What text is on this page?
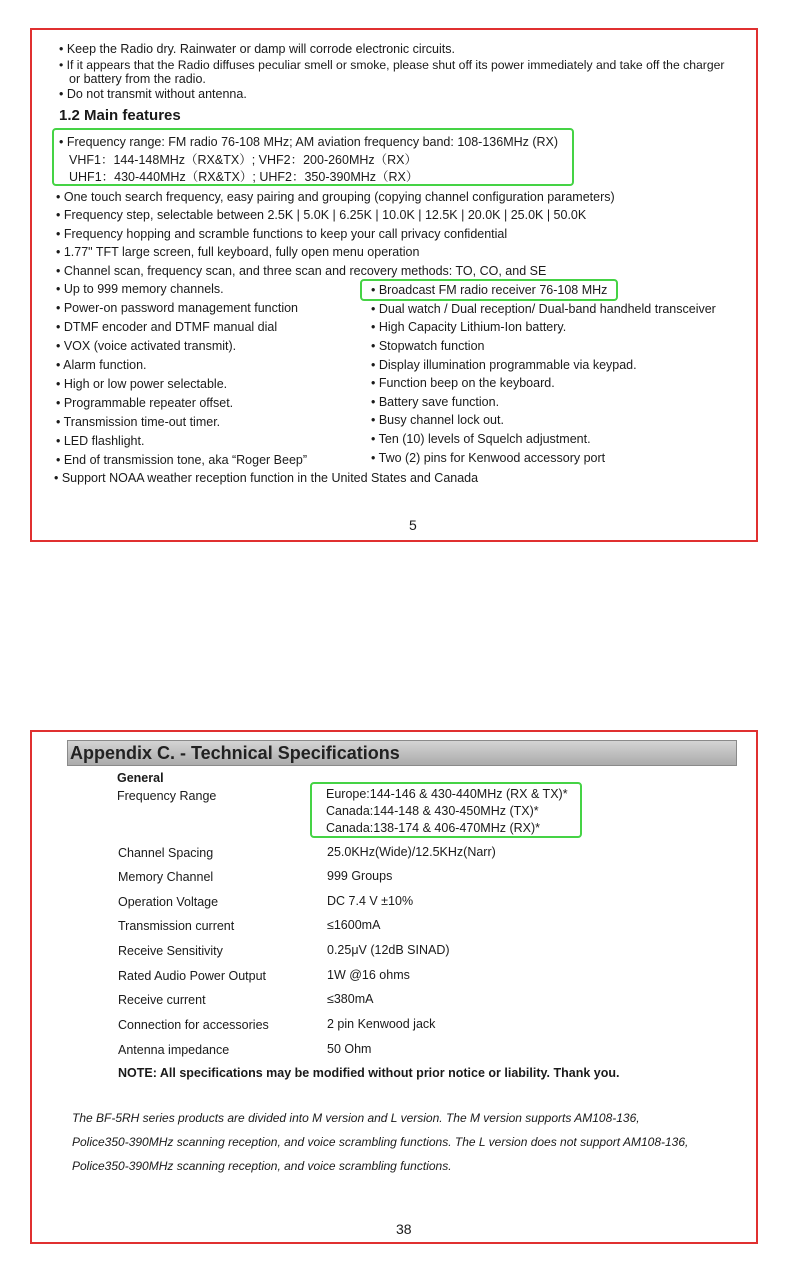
• Keep the Radio dry. Rainwater or damp will corrode electronic circuits.
• If it appears that the Radio diffuses peculiar smell or smoke, please shut off its power immediately and take off the charger
or battery from the radio.
• Do not transmit without antenna.
1.2 Main features
• Frequency range: FM radio 76-108 MHz; AM aviation frequency band: 108-136MHz (RX)
VHF1：144-148MHz（RX&TX）; VHF2：200-260MHz（RX）
UHF1：430-440MHz（RX&TX）; UHF2：350-390MHz（RX）
• One touch search frequency, easy pairing and grouping (copying channel configuration parameters)
• Frequency step, selectable between 2.5K | 5.0K | 6.25K | 10.0K | 12.5K | 20.0K | 25.0K | 50.0K
• Frequency hopping and scramble functions to keep your call privacy confidential
• 1.77" TFT large screen, full keyboard, fully open menu operation
• Channel scan, frequency scan, and three scan and recovery methods: TO, CO, and SE
• Up to 999 memory channels.
• Power-on password management function
• DTMF encoder and DTMF manual dial
• VOX (voice activated transmit).
• Alarm function.
• High or low power selectable.
• Programmable repeater offset.
• Transmission time-out timer.
• LED flashlight.
• End of transmission tone, aka “Roger Beep”
• Broadcast FM radio receiver 76-108 MHz
• Dual watch / Dual reception/ Dual-band handheld transceiver
• High Capacity Lithium-Ion battery.
• Stopwatch function
• Display illumination programmable via keypad.
• Function beep on the keyboard.
• Battery save function.
• Busy channel lock out.
• Ten (10) levels of Squelch adjustment.
• Two (2) pins for Kenwood accessory port
• Support NOAA weather reception function in the United States and Canada
5
Appendix C. - Technical Specifications
General
Frequency Range	Europe:144-146 & 430-440MHz (RX & TX)*
Canada:144-148 & 430-450MHz (TX)*
Canada:138-174 & 406-470MHz (RX)*
Channel Spacing	25.0KHz(Wide)/12.5KHz(Narr)
Memory Channel	999 Groups
Operation Voltage	DC 7.4 V ±10%
Transmission current	≤1600mA
Receive Sensitivity	0.25μV (12dB SINAD)
Rated Audio Power Output	1W @16 ohms
Receive current	≤380mA
Connection for accessories	2 pin Kenwood jack
Antenna impedance	50 Ohm
NOTE: All specifications may be modified without prior notice or liability. Thank you.
The BF-5RH series products are divided into M version and L version. The M version supports AM108-136,
Police350-390MHz scanning reception, and voice scrambling functions. The L version does not support AM108-136,
Police350-390MHz scanning reception, and voice scrambling functions.
38
